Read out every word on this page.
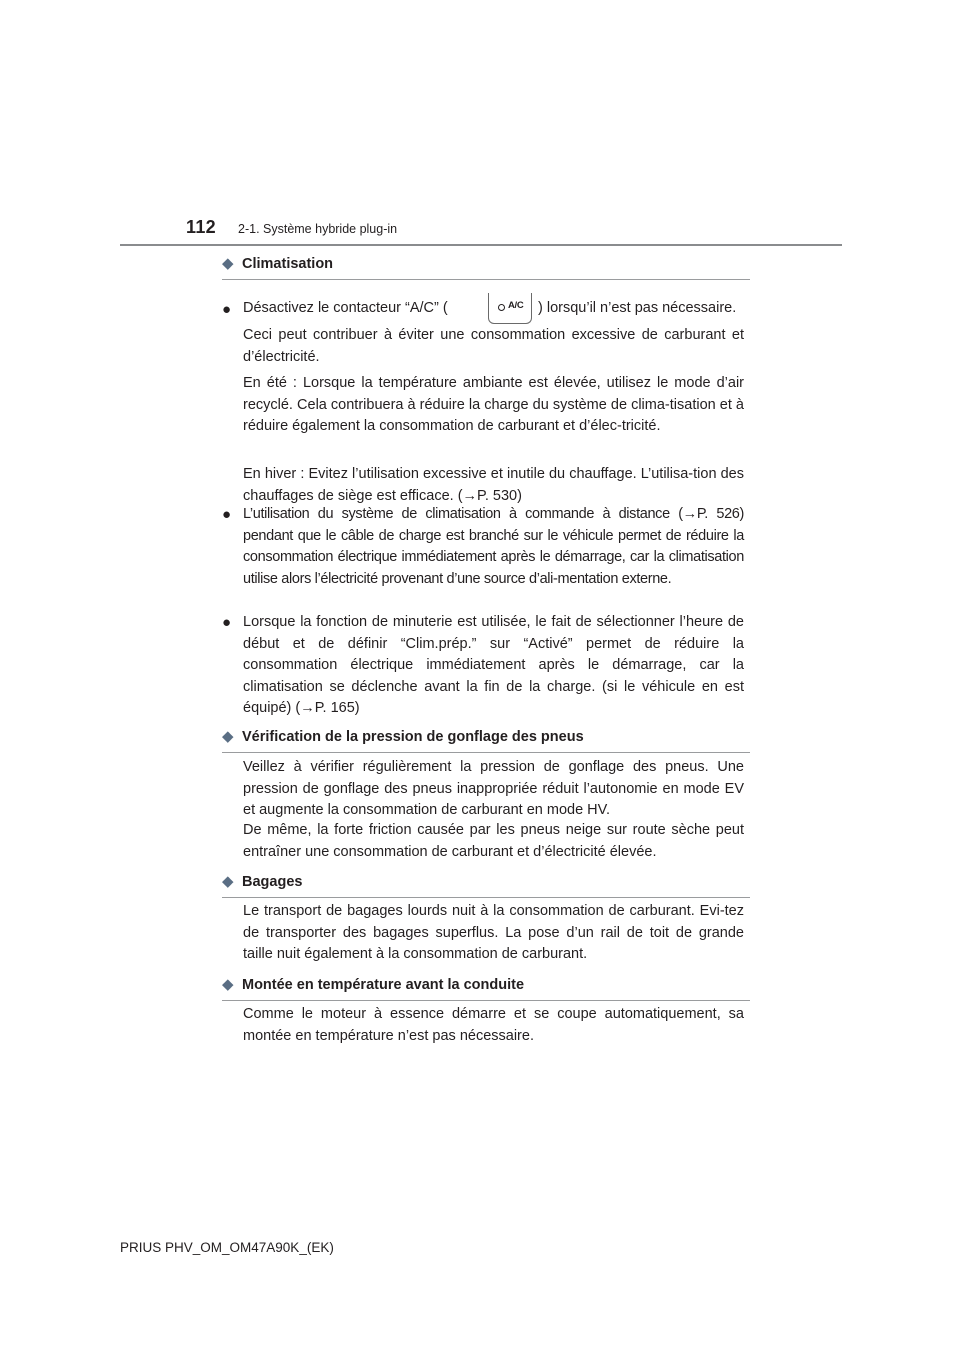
112 2-1. Système hybride plug-in
◆ Climatisation
● Désactivez le contacteur “A/C” (	A/C ) lorsqu’il n’est pas nécessaire.

Ceci peut contribuer à éviter une consommation excessive de carburant et d’électricité.

En été : Lorsque la température ambiante est élevée, utilisez le mode d’air recyclé. Cela contribuera à réduire la charge du système de clima-tisation et à réduire également la consommation de carburant et d’élec-tricité.

En hiver : Evitez l’utilisation excessive et inutile du chauffage. L’utilisa-tion des chauffages de siège est efficace. (→P. 530)

● L’utilisation du système de climatisation à commande à distance (→P. 526) pendant que le câble de charge est branché sur le véhicule permet de réduire la consommation électrique immédiatement après le démarrage, car la climatisation utilise alors l’électricité provenant d’une source d’ali-mentation externe.

● Lorsque la fonction de minuterie est utilisée, le fait de sélectionner l’heure de début et de définir “Clim.prép.” sur “Activé” permet de réduire la consommation électrique immédiatement après le démarrage, car la climatisation se déclenche avant la fin de la charge. (si le véhicule en est équipé) (→P. 165)

◆ Vérification de la pression de gonflage des pneus

Veillez à vérifier régulièrement la pression de gonflage des pneus. Une pression de gonflage des pneus inappropriée réduit l’autonomie en mode EV et augmente la consommation de carburant en mode HV.

De même, la forte friction causée par les pneus neige sur route sèche peut entraîner une consommation de carburant et d’électricité élevée.

◆ Bagages

Le transport de bagages lourds nuit à la consommation de carburant. Evi-tez de transporter des bagages superflus. La pose d’un rail de toit de grande taille nuit également à la consommation de carburant.

◆ Montée en température avant la conduite

Comme le moteur à essence démarre et se coupe automatiquement, sa montée en température n’est pas nécessaire.

PRIUS PHV_OM_OM47A90K_(EK)
